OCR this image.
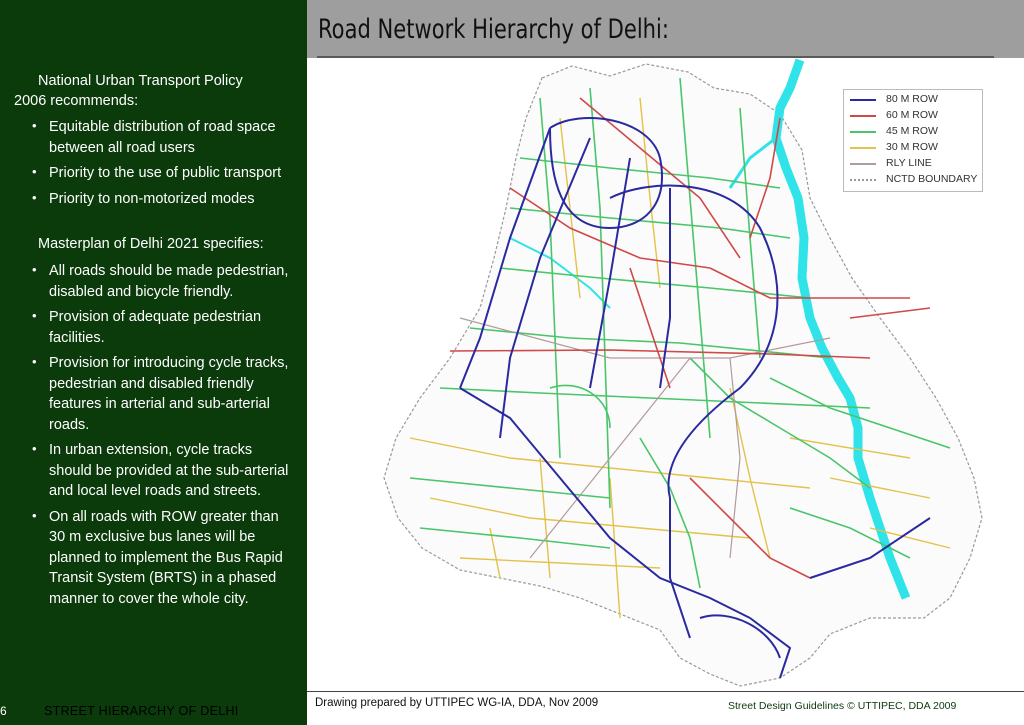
National Urban Transport Policy
2006 recommends:
• Equitable distribution of road space between all road users
• Priority to the use of public transport
• Priority to non-motorized modes
Masterplan of Delhi 2021 specifies:
• All roads should be made pedestrian, disabled and bicycle friendly.
• Provision of adequate pedestrian facilities.
• Provision for introducing cycle tracks, pedestrian and disabled friendly features in arterial and sub-arterial roads.
• In urban extension, cycle tracks should be provided at the sub-arterial and local level roads and streets.
• On all roads with ROW greater than 30 m exclusive bus lanes will be planned to implement the Bus Rapid Transit System (BRTS) in a phased manner to cover the whole city.
6	STREET HIERARCHY OF DELHI
Road Network Hierarchy of Delhi:
80 M ROW
60 M ROW
45 M ROW
30 M ROW
RLY LINE
NCTD BOUNDARY
Drawing prepared by UTTIPEC WG-IA, DDA, Nov 2009	Street Design Guidelines © UTTIPEC, DDA 2009
